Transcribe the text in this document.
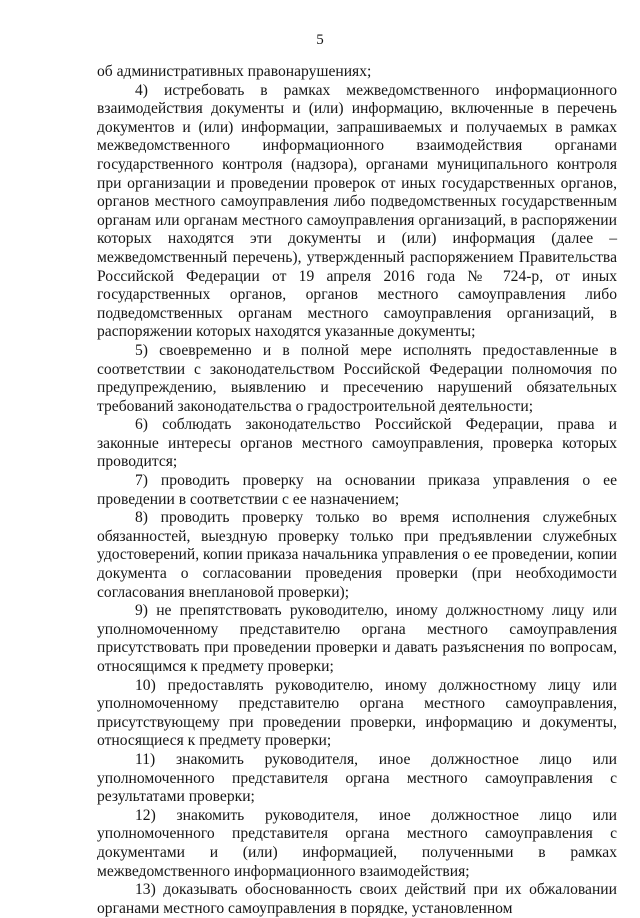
5

об административных правонарушениях;

4) истребовать в рамках межведомственного информационного взаимодействия документы и (или) информацию, включенные в перечень документов и (или) информации, запрашиваемых и получаемых в рамках межведомственного информационного взаимодействия органами государственного контроля (надзора), органами муниципального контроля при организации и проведении проверок от иных государственных органов, органов местного самоуправления либо подведомственных государственным органам или органам местного самоуправления организаций, в распоряжении которых находятся эти документы и (или) информация (далее – межведомственный перечень), утвержденный распоряжением Правительства Российской Федерации от 19 апреля 2016 года № 724-р, от иных государственных органов, органов местного самоуправления либо подведомственных органам местного самоуправления организаций, в распоряжении которых находятся указанные документы;

5) своевременно и в полной мере исполнять предоставленные в соответствии с законодательством Российской Федерации полномочия по предупреждению, выявлению и пресечению нарушений обязательных требований законодательства о градостроительной деятельности;

6) соблюдать законодательство Российской Федерации, права и законные интересы органов местного самоуправления, проверка которых проводится;

7) проводить проверку на основании приказа управления о ее проведении в соответствии с ее назначением;

8) проводить проверку только во время исполнения служебных обязанностей, выездную проверку только при предъявлении служебных удостоверений, копии приказа начальника управления о ее проведении, копии документа о согласовании проведения проверки (при необходимости согласования внеплановой проверки);

9) не препятствовать руководителю, иному должностному лицу или уполномоченному представителю органа местного самоуправления присутствовать при проведении проверки и давать разъяснения по вопросам, относящимся к предмету проверки;

10) предоставлять руководителю, иному должностному лицу или уполномоченному представителю органа местного самоуправления, присутствующему при проведении проверки, информацию и документы, относящиеся к предмету проверки;

11) знакомить руководителя, иное должностное лицо или уполномоченного представителя органа местного самоуправления с результатами проверки;

12) знакомить руководителя, иное должностное лицо или уполномоченного представителя органа местного самоуправления с документами и (или) информацией, полученными в рамках межведомственного информационного взаимодействия;

13) доказывать обоснованность своих действий при их обжаловании органами местного самоуправления в порядке, установленном
